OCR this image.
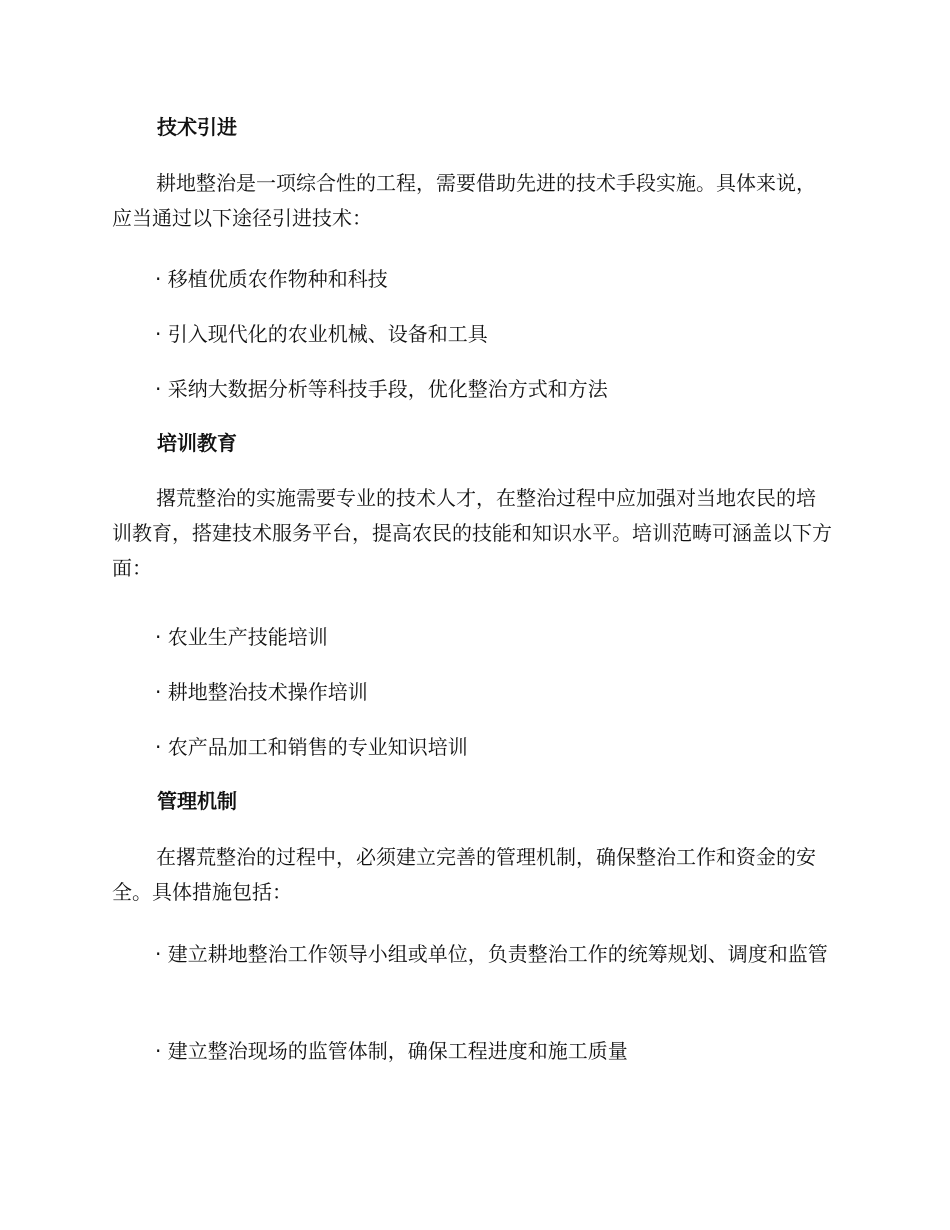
技术引进

耕地整治是一项综合性的工程，需要借助先进的技术手段实施。具体来说，应当通过以下途径引进技术：

· 移植优质农作物种和科技

· 引入现代化的农业机械、设备和工具

· 采纳大数据分析等科技手段，优化整治方式和方法

培训教育

撂荒整治的实施需要专业的技术人才，在整治过程中应加强对当地农民的培训教育，搭建技术服务平台，提高农民的技能和知识水平。培训范畴可涵盖以下方面：

· 农业生产技能培训

· 耕地整治技术操作培训

· 农产品加工和销售的专业知识培训

管理机制

在撂荒整治的过程中，必须建立完善的管理机制，确保整治工作和资金的安全。具体措施包括：

· 建立耕地整治工作领导小组或单位，负责整治工作的统筹规划、调度和监管

· 建立整治现场的监管体制，确保工程进度和施工质量
